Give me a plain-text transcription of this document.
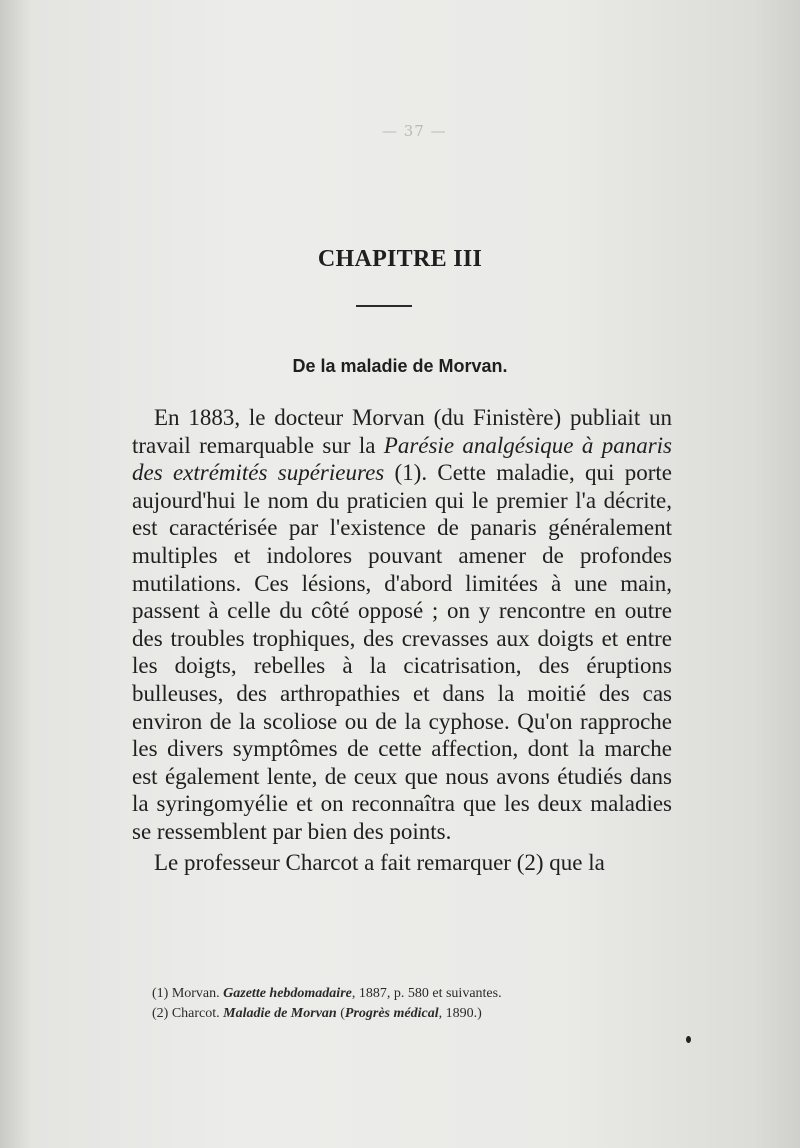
— 37 —
CHAPITRE III
De la maladie de Morvan.

En 1883, le docteur Morvan (du Finistère) publiait un travail remarquable sur la Parésie analgésique à panaris des extrémités supérieures (1). Cette maladie, qui porte aujourd'hui le nom du praticien qui le premier l'a décrite, est caractérisée par l'existence de panaris généralement multiples et indolores pouvant amener de profondes mutilations. Ces lésions, d'abord limitées à une main, passent à celle du côté opposé ; on y rencontre en outre des troubles trophiques, des crevasses aux doigts et entre les doigts, rebelles à la cicatrisation, des éruptions bulleuses, des arthropathies et dans la moitié des cas environ de la scoliose ou de la cyphose. Qu'on rapproche les divers symptômes de cette affection, dont la marche est également lente, de ceux que nous avons étudiés dans la syringomyélie et on reconnaîtra que les deux maladies se ressemblent par bien des points.

Le professeur Charcot a fait remarquer (2) que la

(1) Morvan. Gazette hebdomadaire, 1887, p. 580 et suivantes.
(2) Charcot. Maladie de Morvan (Progrès médical, 1890.)
